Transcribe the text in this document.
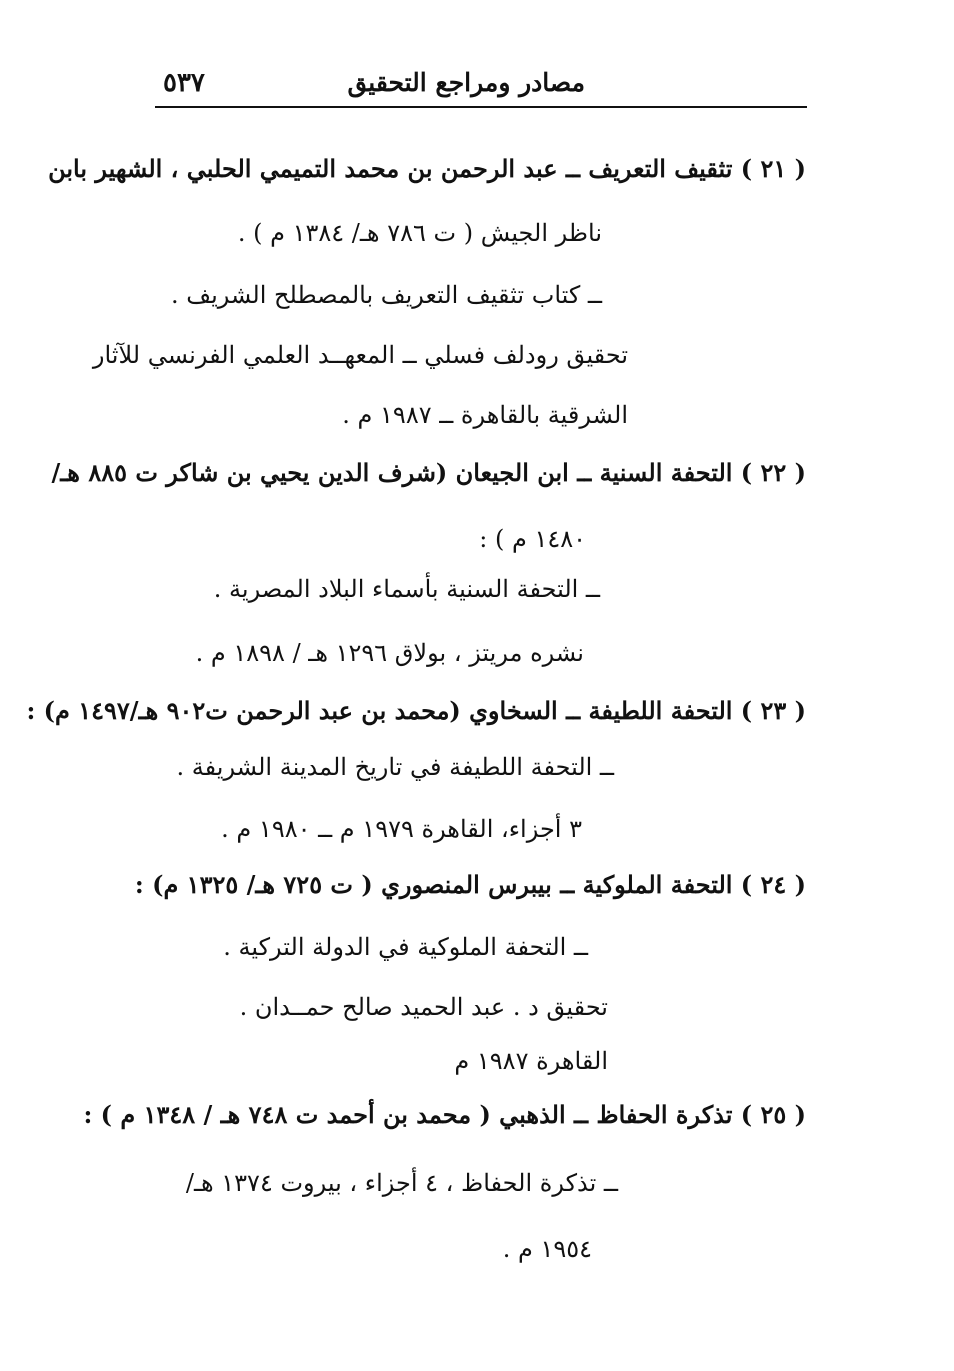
مصادر ومراجع التحقيق
٥٣٧
( ٢١ ) تثقيف التعريف ــ عبد الرحمن بن محمد التميمي الحلبي ، الشهير بابن
ناظر الجيش ( ت ٧٨٦ هـ/ ١٣٨٤ م ) .
ــ كتاب تثقيف التعريف بالمصطلح الشريف .
تحقيق رودلف فسلي ــ المعهــد العلمي الفرنسي للآثار
الشرقية بالقاهرة ــ ١٩٨٧ م .
( ٢٢ ) التحفة السنية ــ ابن الجيعان (شرف الدين يحيي بن شاكر ت ٨٨٥ هـ/
١٤٨٠ م ) :
ــ التحفة السنية بأسماء البلاد المصرية .
نشره مريتز ، بولاق ١٢٩٦ هـ / ١٨٩٨ م .
( ٢٣ ) التحفة اللطيفة ــ السخاوي (محمد بن عبد الرحمن ت٩٠٢ هـ/١٤٩٧ م) :
ــ التحفة اللطيفة في تاريخ المدينة الشريفة .
٣ أجزاء، القاهرة ١٩٧٩ م ــ ١٩٨٠ م .
( ٢٤ ) التحفة الملوكية ــ بيبرس المنصوري ( ت ٧٢٥ هـ/ ١٣٢٥ م) :
ــ التحفة الملوكية في الدولة التركية .
تحقيق د . عبد الحميد صالح حمــدان .
القاهرة ١٩٨٧ م
( ٢٥ ) تذكرة الحفاظ ــ الذهبي ( محمد بن أحمد ت ٧٤٨ هـ / ١٣٤٨ م ) :
ــ تذكرة الحفاظ ، ٤ أجزاء ، بيروت ١٣٧٤ هـ/
١٩٥٤ م .
